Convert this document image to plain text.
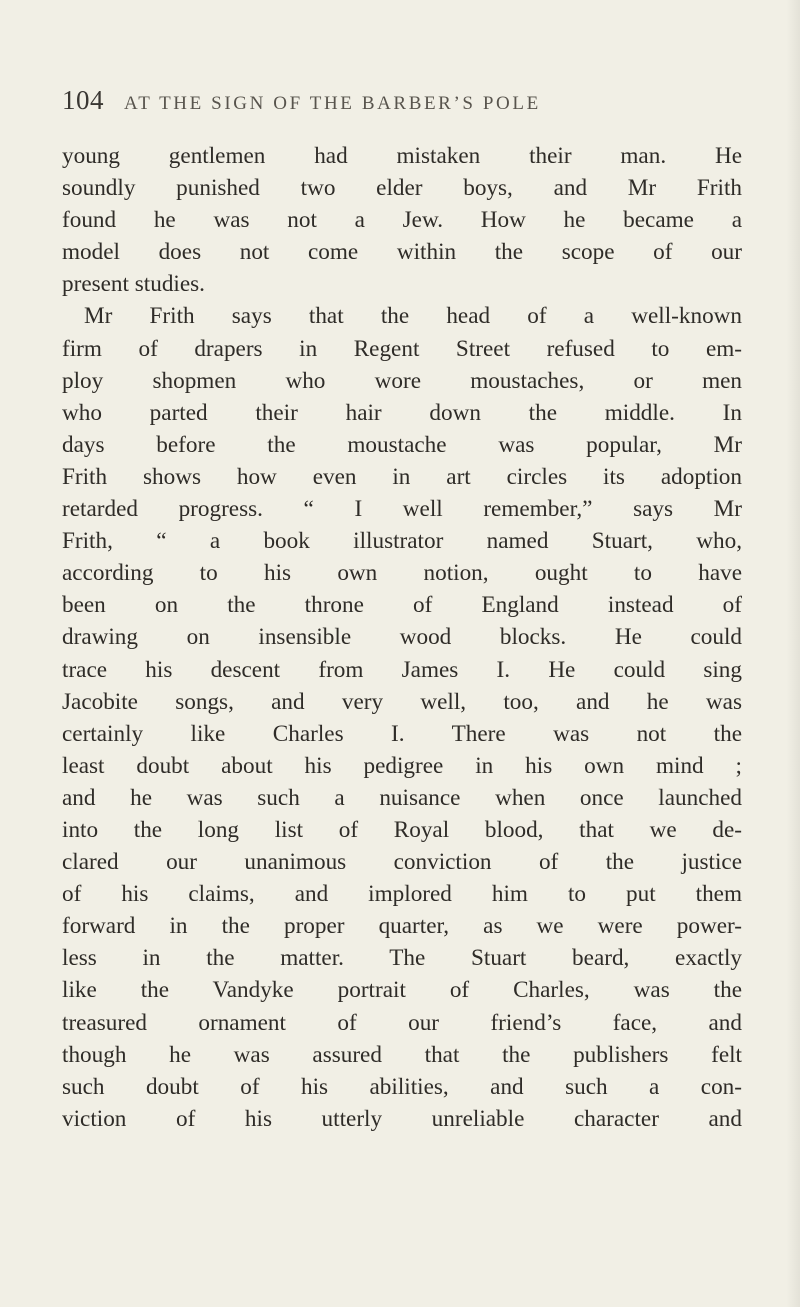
104 AT THE SIGN OF THE BARBER’S POLE
young gentlemen had mistaken their man. He
soundly punished two elder boys, and Mr Frith
found he was not a Jew. How he became a
model does not come within the scope of our
present studies.
Mr Frith says that the head of a well-known
firm of drapers in Regent Street refused to em-
ploy shopmen who wore moustaches, or men
who parted their hair down the middle. In
days before the moustache was popular, Mr
Frith shows how even in art circles its adoption
retarded progress. “ I well remember,” says Mr
Frith, “ a book illustrator named Stuart, who,
according to his own notion, ought to have
been on the throne of England instead of
drawing on insensible wood blocks. He could
trace his descent from James I. He could sing
Jacobite songs, and very well, too, and he was
certainly like Charles I. There was not the
least doubt about his pedigree in his own mind ;
and he was such a nuisance when once launched
into the long list of Royal blood, that we de-
clared our unanimous conviction of the justice
of his claims, and implored him to put them
forward in the proper quarter, as we were power-
less in the matter. The Stuart beard, exactly
like the Vandyke portrait of Charles, was the
treasured ornament of our friend’s face, and
though he was assured that the publishers felt
such doubt of his abilities, and such a con-
viction of his utterly unreliable character and
